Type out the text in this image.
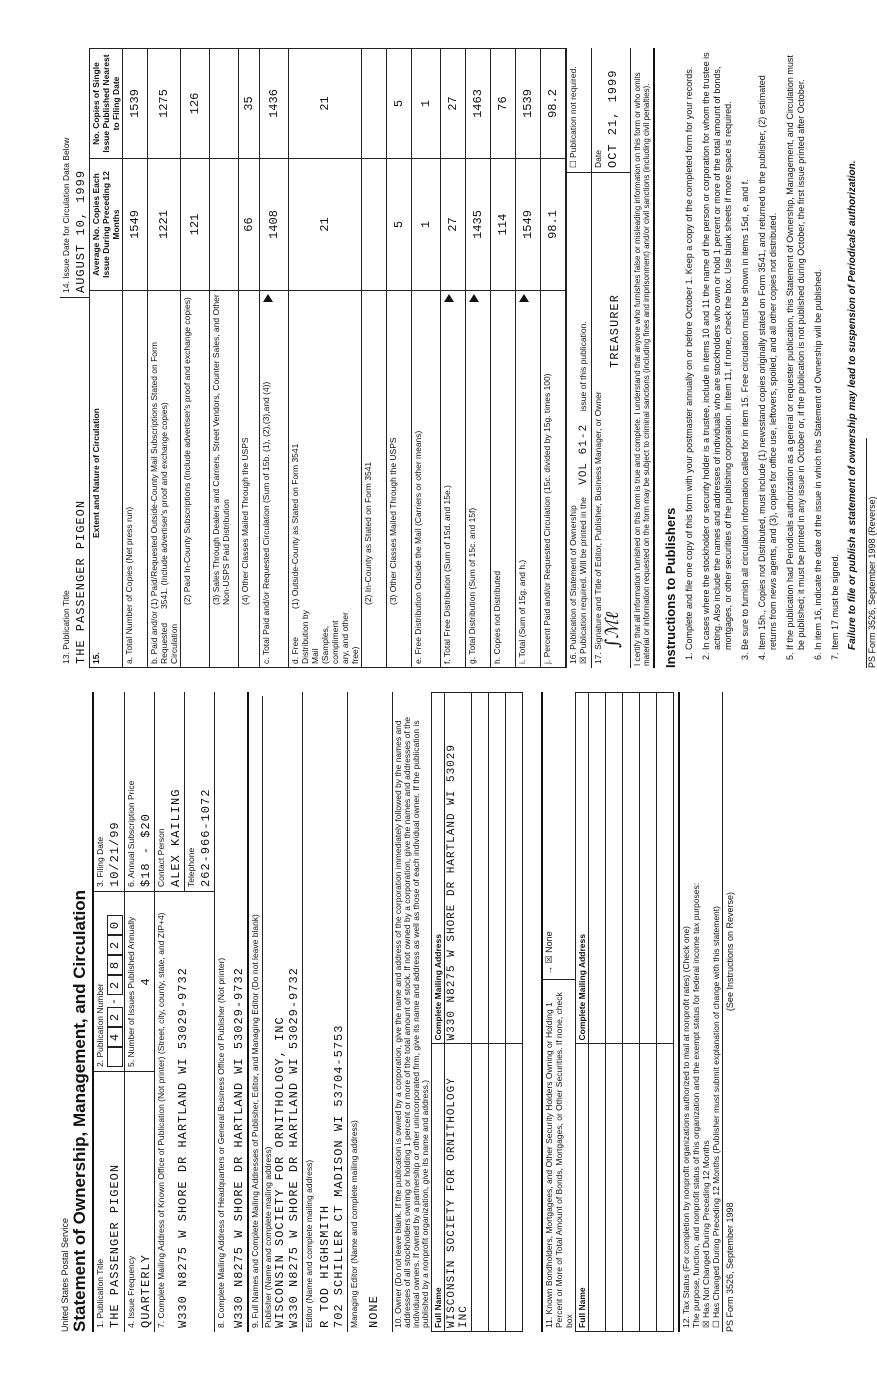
United States Postal Service Statement of Ownership, Management, and Circulation 1. Publication Title THE PASSENGER PIGEON
2. Publication Number 4
2
-
2
8
2
0
3. Filing Date 10/21/99
4. Issue Frequency QUARTERLY
5. Number of Issues Published Annually 4
6. Annual Subscription Price $18 - $20
7. Complete Mailing Address of Known Office of Publication (Not printer) (Street, city, county, state, and ZIP+4) W330 N8275 W SHORE DR HARTLAND WI 53029-9732
Contact Person ALEX KAILING Telephone 262-966-1072
8. Complete Mailing Address of Headquarters or General Business Office of Publisher (Not printer) W330 N8275 W SHORE DR HARTLAND WI 53029-9732 9. Full Names and Complete Mailing Addresses of Publisher, Editor, and Managing Editor (Do not leave blank) Publisher (Name and complete mailing address) WISCONSIN SOCIETY FOR ORNITHOLOGY, INC W330 N8275 W SHORE DR HARTLAND WI 53029-9732 Editor (Name and complete mailing address) R TOD HIGHSMITH 702 SCHILLER CT MADISON WI 53704-5753 Managing Editor (Name and complete mailing address) NONE 10. Owner (Do not leave blank. If the publication is owned by a corporation, give the name and address of the corporation immediately followed by the names and addresses of all stockholders owning or holding 1 percent or more of the total amount of stock. If not owned by a corporation, give the names and addresses of the individual owners. If owned by a partnership or other unincorporated firm, give its name and address as well as those of each individual owner. If the publication is published by a nonprofit organization, give its name and address.) Full Name	Complete Mailing Address
WISCONSIN SOCIETY FOR ORNITHOLOGY INC	W330 N8275 W SHORE DR HARTLAND WI 53029

11. Known Bondholders, Mortgagees, and Other Security Holders Owning or Holding 1 Percent or More of Total Amount of Bonds, Mortgages, or Other Securities. If none, check box
→ ☒ None
Full Name	Complete Mailing Address

		12. Tax Status (For completion by nonprofit organizations authorized to mail at nonprofit rates) (Check one) The purpose, function, and nonprofit status of this organization and the exempt status for federal income tax purposes: ☒ Has Not Changed During Preceding 12 Months
☐ Has Changed During Preceding 12 Months (Publisher must submit explanation of change with this statement) PS Form 3526, September 1998
(See Instructions on Reverse)
13. Publication Title THE PASSENGER PIGEON
14. Issue Date for Circulation Data Below AUGUST 10, 1999
15.
Extent and Nature of Circulation	Average No. Copies Each Issue During Preceding 12 Months	No. Copies of Single Issue Published Nearest to Filing Date
a. Total Number of Copies (Net press run)	1549	1539
b. Paid and/or Requested Circulation(1) Paid/Requested Outside-County Mail Subscriptions Stated on Form 3541. (Include advertiser's proof and exchange copies)	1221	1275
(2) Paid In-County Subscriptions (Include advertiser's proof and exchange copies)	121	126
(3) Sales Through Dealers and Carriers, Street Vendors, Counter Sales, and Other Non-USPS Paid Distribution		
(4) Other Classes Mailed Through the USPS	66	35

c. Total Paid and/or Requested Circulation (Sum of 15b. (1), (2),(3),and (4))	1408	1436
d. Free Distribution by Mail (Samples, compliment ary, and other free)(1) Outside-County as Stated on Form 3541	21	21
(2) In-County as Stated on Form 3541		
(3) Other Classes Mailed Through the USPS	5	5
e. Free Distribution Outside the Mail (Carriers or other means)	1	1

f. Total Free Distribution (Sum of 15d. and 15e.)	27	27

g. Total Distribution (Sum of 15c. and 15f)	1435	1463
h. Copies not Distributed	114	76

i. Total (Sum of 15g. and h.)	1549	1539
j. Percent Paid and/or Requested Circulation (15c. divided by 15g. times 100)	98.1	98.2
16. Publication of Statement of Ownership ☒ Publication required. Will be printed in the VOL 61-2 issue of this publication.
☐ Publication not required.
17. Signature and Title of Editor, Publisher, Business Manager, or Owner ∫ℳℓ
TREASURER
Date OCT 21, 1999	I certify that all information furnished on this form is true and complete. I understand that anyone who furnishes false or misleading information on this form or who omits material or information requested on the form may be subject to criminal sanctions (including fines and imprisonment) and/or civil sanctions (including civil penalties). Instructions to Publishers 1. Complete and file one copy of this form with your postmaster annually on or before October 1. Keep a copy of the completed form for your records. 2. In cases where the stockholder or security holder is a trustee, include in items 10 and 11 the name of the person or corporation for whom the trustee is acting. Also include the names and addresses of individuals who are stockholders who own or hold 1 percent or more of the total amount of bonds, mortgages, or other securities of the publishing corporation. In item 11, if none, check the box. Use blank sheets if more space is required. 3. Be sure to furnish all circulation information called for in item 15. Free circulation must be shown in items 15d, e, and f. 4. Item 15h., Copies not Distributed, must include (1) newsstand copies originally stated on Form 3541, and returned to the publisher, (2) estimated returns from news agents, and (3), copies for office use, leftovers, spoiled, and all other copies not distributed. 5. If the publication had Periodicals authorization as a general or requester publication, this Statement of Ownership, Management, and Circulation must be published; it must be printed in any issue in October or, if the publication is not published during October, the first issue printed after October. 6. In item 16, indicate the date of the issue in which this Statement of Ownership will be published. 7. Item 17 must be signed. Failure to file or publish a statement of ownership may lead to suspension of Periodicals authorization. PS Form 3526, September 1998 (Reverse)
